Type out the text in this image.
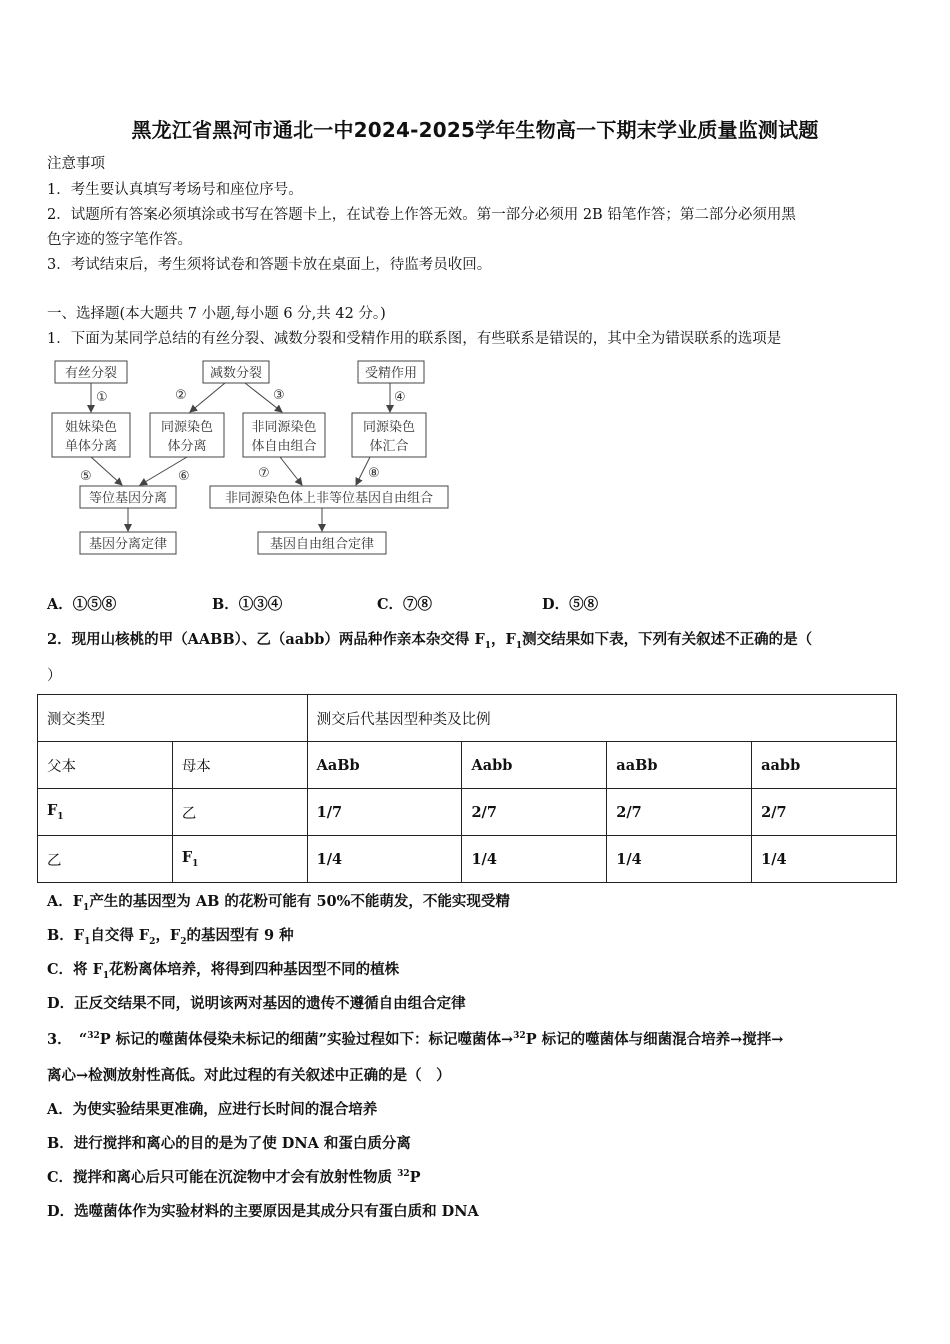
黑龙江省黑河市通北一中2024-2025学年生物高一下期末学业质量监测试题
注意事项
1．考生要认真填写考场号和座位序号。
2．试题所有答案必须填涂或书写在答题卡上，在试卷上作答无效。第一部分必须用 2B 铅笔作答；第二部分必须用黑
色字迹的签字笔作答。
3．考试结束后，考生须将试卷和答题卡放在桌面上，待监考员收回。
一、选择题(本大题共 7 小题,每小题 6 分,共 42 分。)
1．下面为某同学总结的有丝分裂、减数分裂和受精作用的联系图，有些联系是错误的，其中全为错误联系的选项是
有丝分裂	减数分裂	受精作用
姐妹染色
单体分离
同源染色
体分离
非同源染色
体自由组合
同源染色
体汇合
等位基因分离	非同源染色体上非等位基因自由组合
基因分离定律	基因自由组合定律
①	②	③	④
⑤	⑥	⑦	⑧
A．①⑤⑧	B．①③④	C．⑦⑧	D．⑤⑧
2．现用山核桃的甲（AABB）、乙（aabb）两品种作亲本杂交得 $F_1$，$F_1$测交结果如下表，下列有关叙述不正确的是（
）
测交类型		测交后代基因型种类及比例			
父本	母本	AaBb	Aabb	aaBb	aabb
$F_1$	乙	1/7	2/7	2/7	2/7
乙	$F_1$	1/4	1/4	1/4	1/4
A．$F_1$产生的基因型为 AB 的花粉可能有 50%不能萌发，不能实现受精
B．$F_1$自交得 $F_2$，$F_2$的基因型有 9 种
C．将 $F_1$花粉离体培养，将得到四种基因型不同的植株
D．正反交结果不同，说明该两对基因的遗传不遵循自由组合定律
3．　 “$^{32}$P 标记的噬菌体侵染未标记的细菌”实验过程如下：标记噬菌体→$^{32}$P 标记的噬菌体与细菌混合培养→搅拌→
离心→检测放射性高低。对此过程的有关叙述中正确的是（　）
A．为使实验结果更准确，应进行长时间的混合培养
B．进行搅拌和离心的目的是为了使 DNA 和蛋白质分离
C．搅拌和离心后只可能在沉淀物中才会有放射性物质 $^{32}$P
D．选噬菌体作为实验材料的主要原因是其成分只有蛋白质和 DNA
